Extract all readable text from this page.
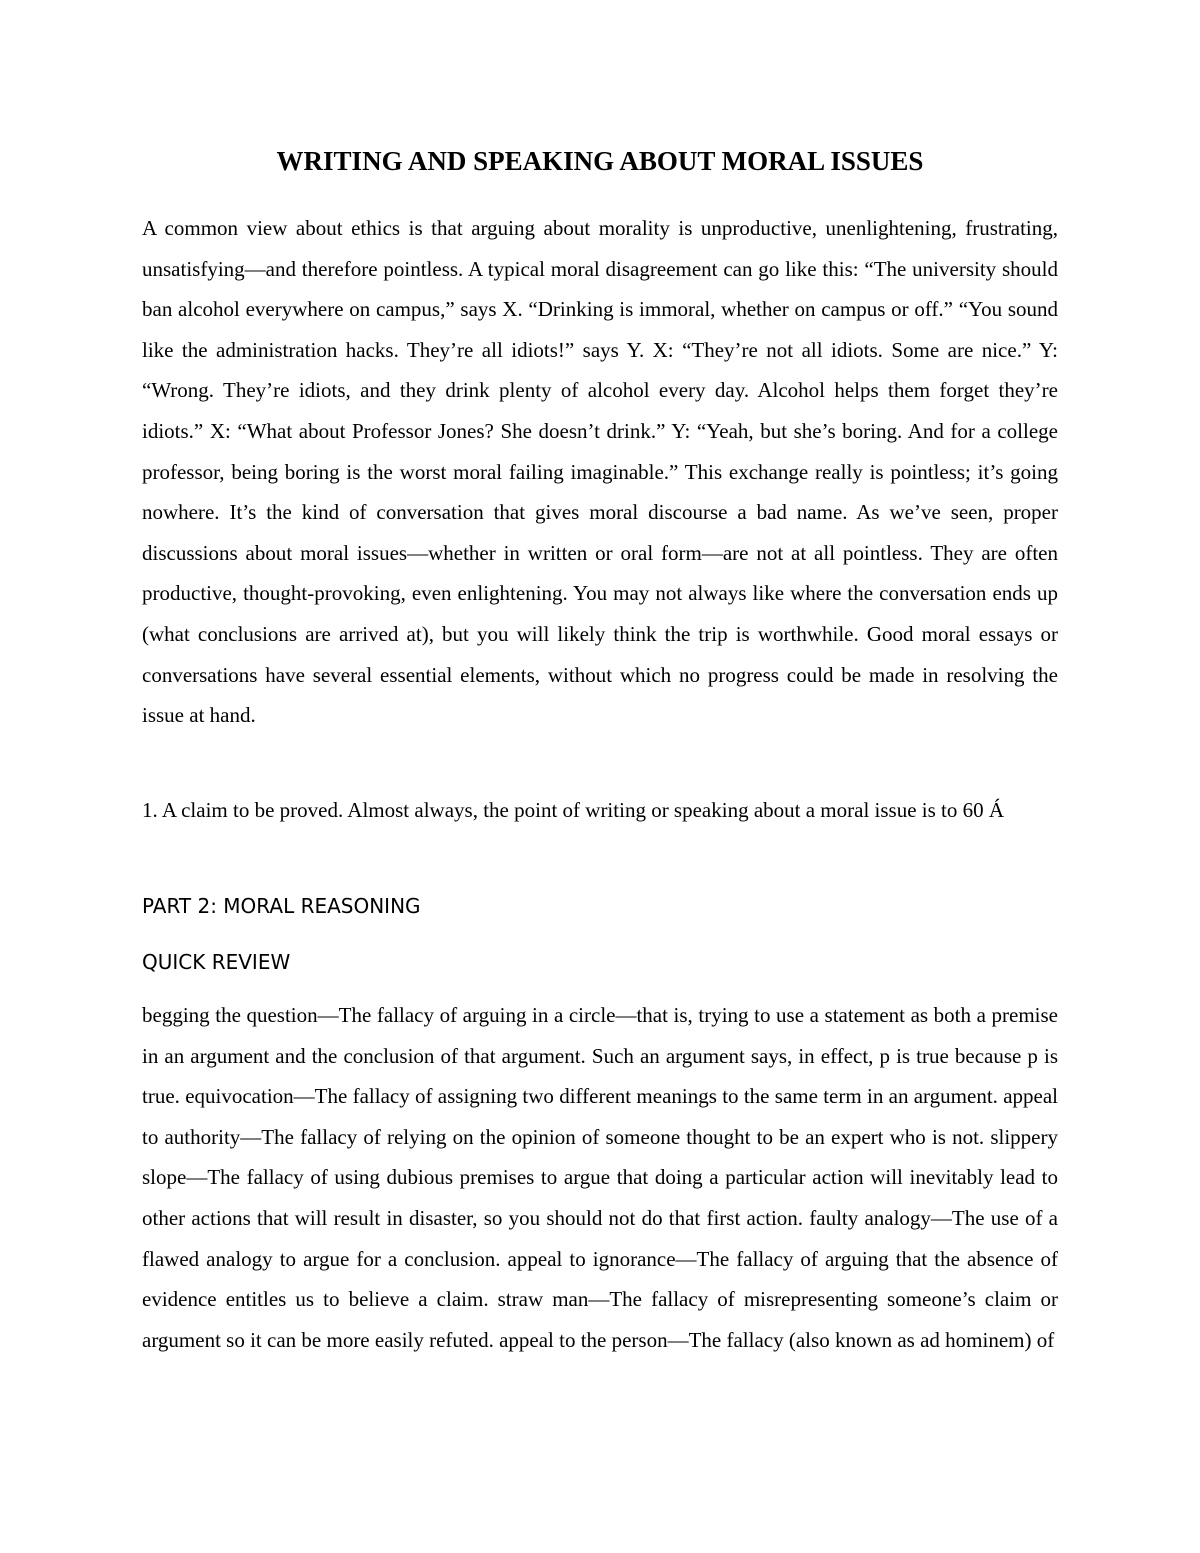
WRITING AND SPEAKING ABOUT MORAL ISSUES

A common view about ethics is that arguing about morality is unproductive, unenlightening, frustrating, unsatisfying—and therefore pointless. A typical moral disagreement can go like this: “The university should ban alcohol everywhere on campus,” says X. “Drinking is immoral, whether on campus or off.” “You sound like the administration hacks. They’re all idiots!” says Y. X: “They’re not all idiots. Some are nice.” Y: “Wrong. They’re idiots, and they drink plenty of alcohol every day. Alcohol helps them forget they’re idiots.” X: “What about Professor Jones? She doesn’t drink.” Y: “Yeah, but she’s boring. And for a college professor, being boring is the worst moral failing imaginable.” This exchange really is pointless; it’s going nowhere. It’s the kind of conversation that gives moral discourse a bad name. As we’ve seen, proper discussions about moral issues—whether in written or oral form—are not at all pointless. They are often productive, thought-provoking, even enlightening. You may not always like where the conversation ends up (what conclusions are arrived at), but you will likely think the trip is worthwhile. Good moral essays or conversations have several essential elements, without which no progress could be made in resolving the issue at hand.

1. A claim to be proved. Almost always, the point of writing or speaking about a moral issue is to 60 Á

PART 2: MORAL REASONING
QUICK REVIEW

begging the question—The fallacy of arguing in a circle—that is, trying to use a statement as both a premise in an argument and the conclusion of that argument. Such an argument says, in effect, p is true because p is true. equivocation—The fallacy of assigning two different meanings to the same term in an argument. appeal to authority—The fallacy of relying on the opinion of someone thought to be an expert who is not. slippery slope—The fallacy of using dubious premises to argue that doing a particular action will inevitably lead to other actions that will result in disaster, so you should not do that first action. faulty analogy—The use of a flawed analogy to argue for a conclusion. appeal to ignorance—The fallacy of arguing that the absence of evidence entitles us to believe a claim. straw man—The fallacy of misrepresenting someone’s claim or argument so it can be more easily refuted. appeal to the person—The fallacy (also known as ad hominem) of
